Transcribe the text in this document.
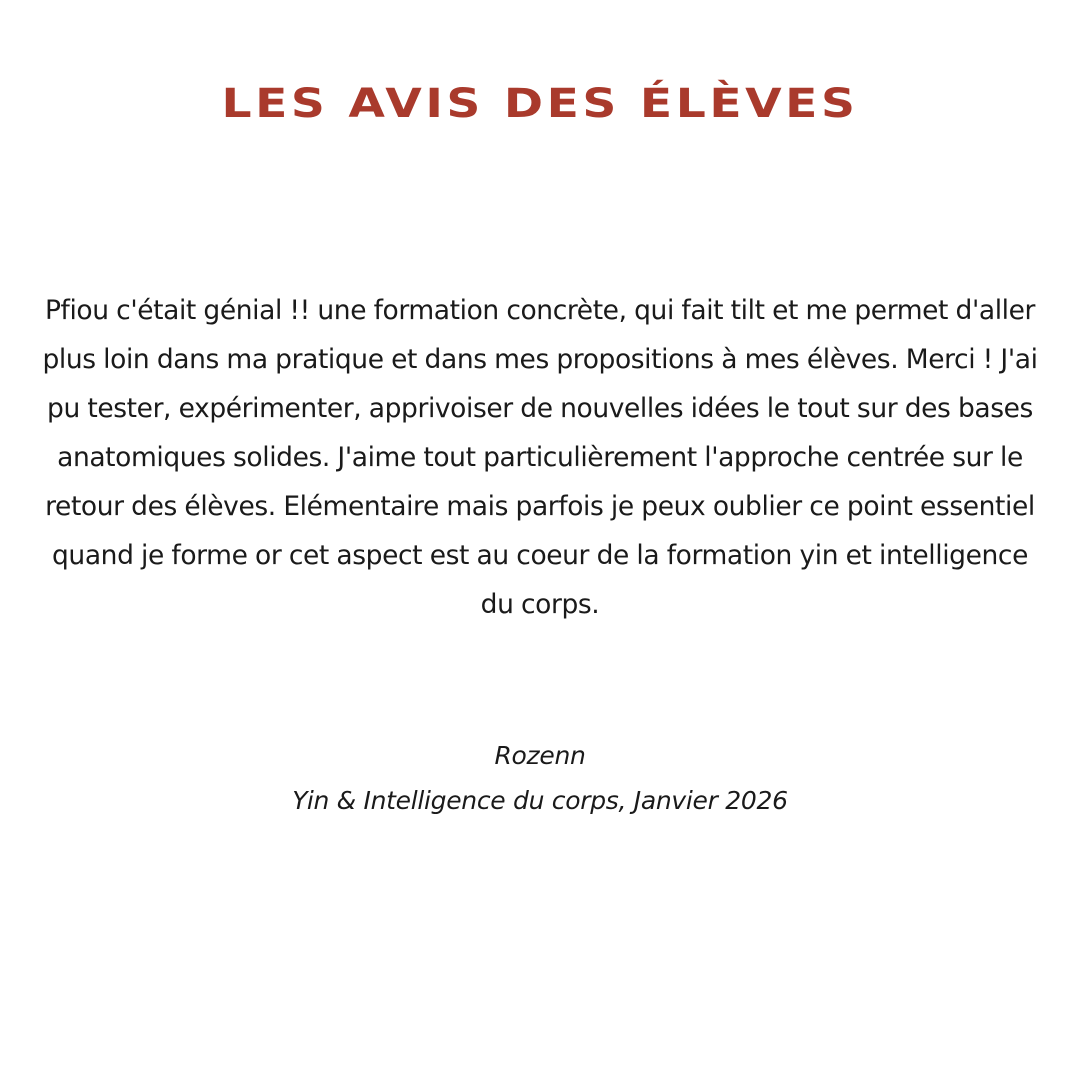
LES AVIS DES ÉLÈVES
Pfiou c'était génial !! une formation concrète, qui fait tilt et me permet d'aller plus loin dans ma pratique et dans mes propositions à mes élèves. Merci ! J'ai pu tester, expérimenter, apprivoiser de nouvelles idées le tout sur des bases anatomiques solides. J'aime tout particulièrement l'approche centrée sur le retour des élèves. Elémentaire mais parfois je peux oublier ce point essentiel quand je forme or cet aspect est au coeur de la formation yin et intelligence du corps.
Rozenn
Yin & Intelligence du corps, Janvier 2026
